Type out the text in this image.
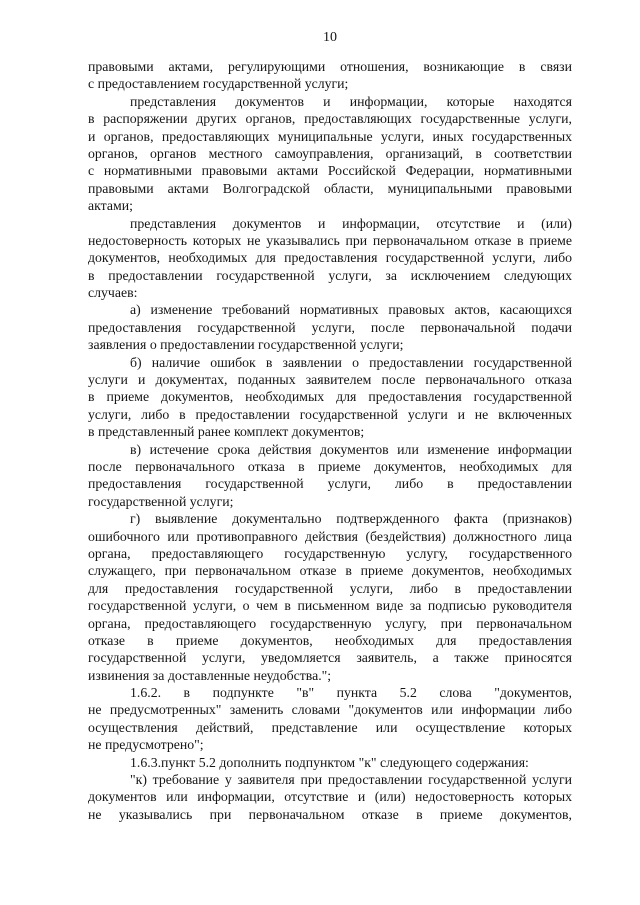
10
правовыми актами, регулирующими отношения, возникающие в связи
с предоставлением государственной услуги;
представления документов и информации, которые находятся
в распоряжении других органов, предоставляющих государственные услуги,
и органов, предоставляющих муниципальные услуги, иных государственных
органов, органов местного самоуправления, организаций, в соответствии
с нормативными правовыми актами Российской Федерации, нормативными
правовыми актами Волгоградской области, муниципальными правовыми
актами;
представления документов и информации, отсутствие и (или)
недостоверность которых не указывались при первоначальном отказе в приеме
документов, необходимых для предоставления государственной услуги, либо
в предоставлении государственной услуги, за исключением следующих
случаев:
а) изменение требований нормативных правовых актов, касающихся
предоставления государственной услуги, после первоначальной подачи
заявления о предоставлении государственной услуги;
б) наличие ошибок в заявлении о предоставлении государственной
услуги и документах, поданных заявителем после первоначального отказа
в приеме документов, необходимых для предоставления государственной
услуги, либо в предоставлении государственной услуги и не включенных
в представленный ранее комплект документов;
в) истечение срока действия документов или изменение информации
после первоначального отказа в приеме документов, необходимых для
предоставления государственной услуги, либо в предоставлении
государственной услуги;
г) выявление документально подтвержденного факта (признаков)
ошибочного или противоправного действия (бездействия) должностного лица
органа, предоставляющего государственную услугу, государственного
служащего, при первоначальном отказе в приеме документов, необходимых
для предоставления государственной услуги, либо в предоставлении
государственной услуги, о чем в письменном виде за подписью руководителя
органа, предоставляющего государственную услугу, при первоначальном
отказе в приеме документов, необходимых для предоставления
государственной услуги, уведомляется заявитель, а также приносятся
извинения за доставленные неудобства.";
1.6.2. в подпункте "в" пункта 5.2 слова "документов,
не предусмотренных" заменить словами "документов или информации либо
осуществления действий, представление или осуществление которых
не предусмотрено";
1.6.3.пункт 5.2 дополнить подпунктом "к" следующего содержания:
"к) требование у заявителя при предоставлении государственной услуги
документов или информации, отсутствие и (или) недостоверность которых
не указывались при первоначальном отказе в приеме документов,
